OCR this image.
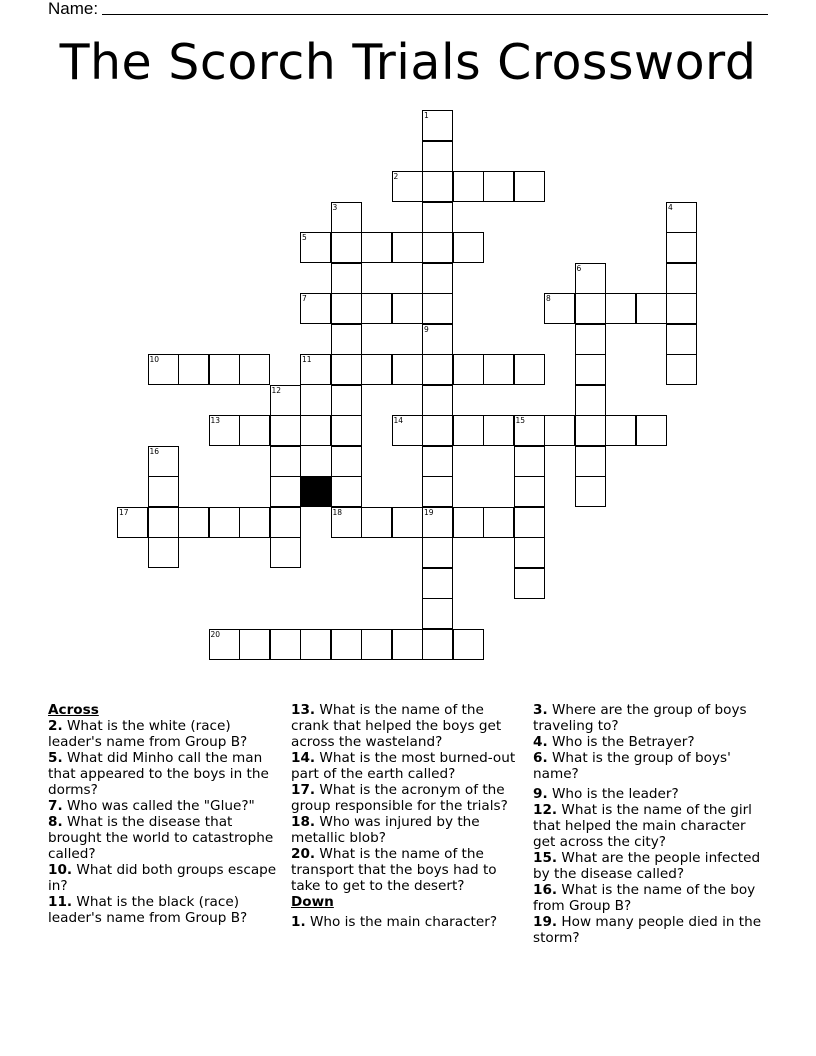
Name:
The Scorch Trials Crossword
1
9
2
3	4
5
6
7	8
10	11
12
13	14	15
16
17	18	19
20

Across

2. What is the white (race) leader's name from Group B?

5. What did Minho call the man that appeared to the boys in the dorms?

7. Who was called the "Glue?"

8. What is the disease that brought the world to catastrophe called?

10. What did both groups escape in?

11. What is the black (race) leader's name from Group B?

13. What is the name of the crank that helped the boys get across the wasteland?

14. What is the most burned-out part of the earth called?

17. What is the acronym of the group responsible for the trials?

18. Who was injured by the metallic blob?

20. What is the name of the transport that the boys had to take to get to the desert?

Down

1. Who is the main character?

3. Where are the group of boys traveling to?

4. Who is the Betrayer?

6. What is the group of boys' name?

9. Who is the leader?

12. What is the name of the girl that helped the main character get across the city?

15. What are the people infected by the disease called?

16. What is the name of the boy from Group B?

19. How many people died in the storm?
